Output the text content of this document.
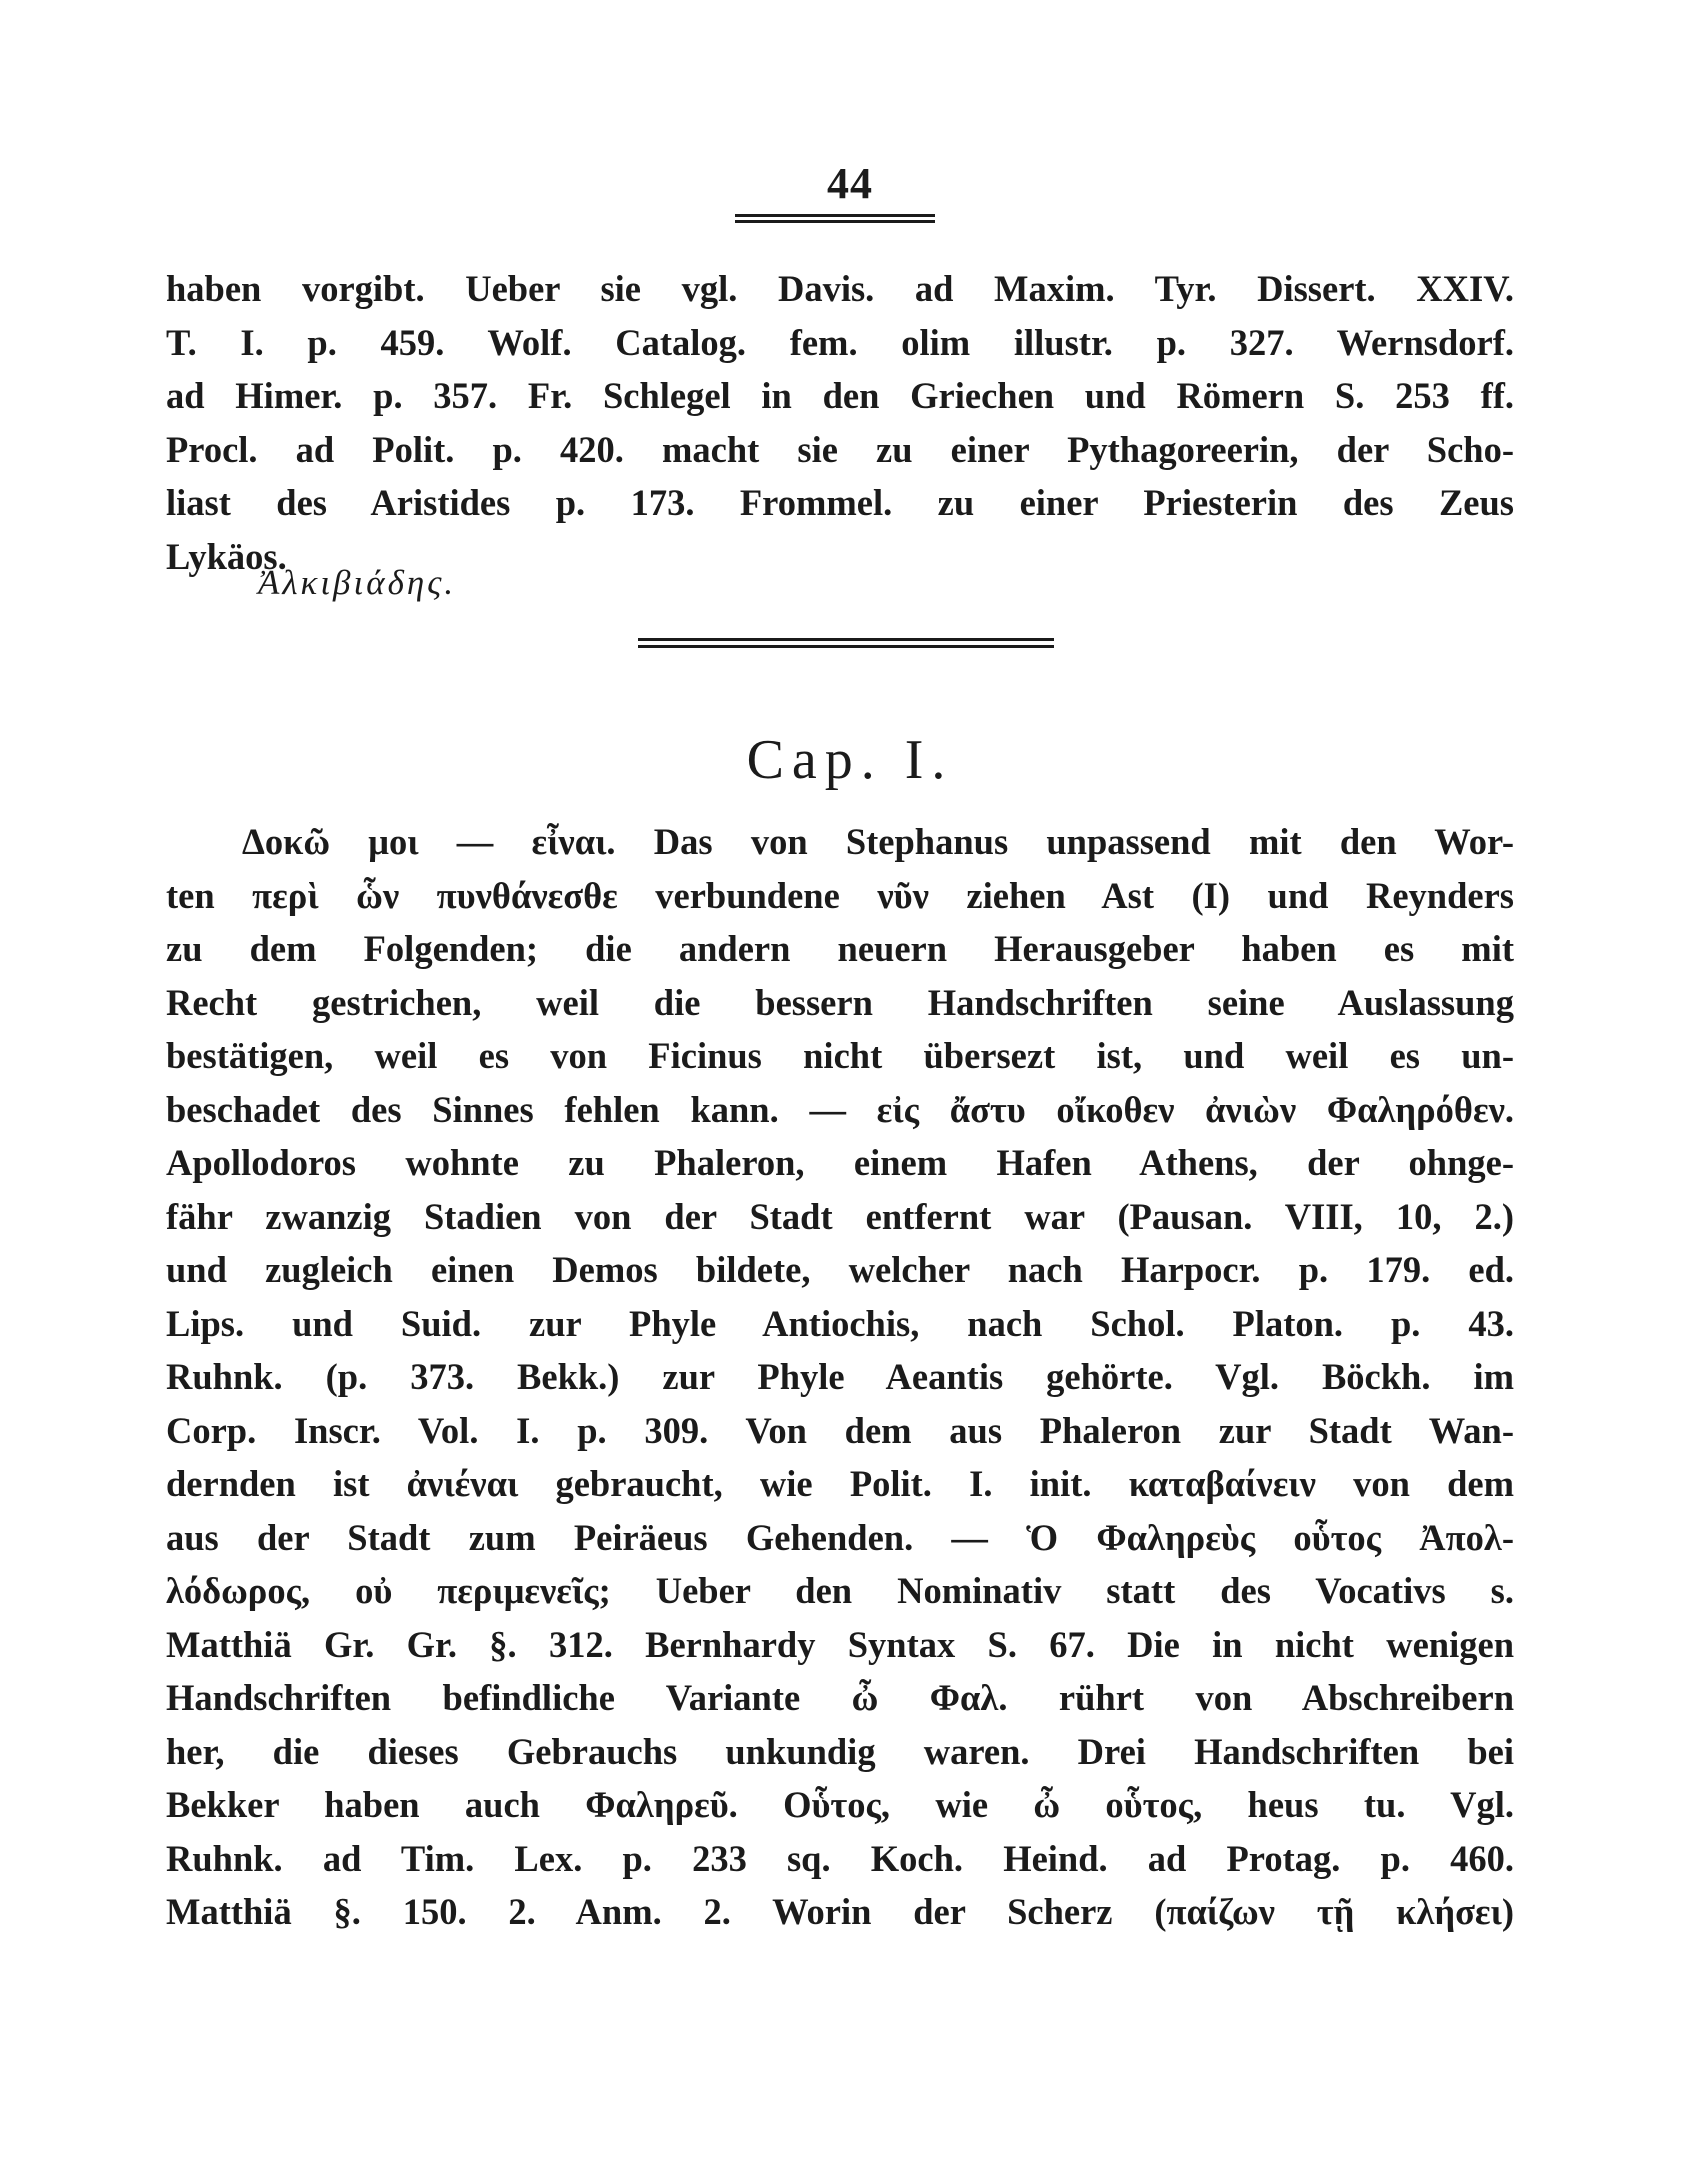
44
haben vorgibt. Ueber sie vgl. Davis. ad Maxim. Tyr. Dissert. XXIV.
T. I. p. 459. Wolf. Catalog. fem. olim illustr. p. 327. Wernsdorf.
ad Himer. p. 357. Fr. Schlegel in den Griechen und Römern S. 253 ff.
Procl. ad Polit. p. 420. macht sie zu einer Pythagoreerin, der Scho-
liast des Aristides p. 173. Frommel. zu einer Priesterin des Zeus
Lykäos.
Ἀλκιβιάδης.
Cap. I.
Δοκῶ μοι — εἶναι. Das von Stephanus unpassend mit den Wor-
ten περὶ ὧν πυνθάνεσθε verbundene νῦν ziehen Ast (I) und Reynders
zu dem Folgenden; die andern neuern Herausgeber haben es mit
Recht gestrichen, weil die bessern Handschriften seine Auslassung
bestätigen, weil es von Ficinus nicht übersezt ist, und weil es un-
beschadet des Sinnes fehlen kann. — εἰς ἄστυ οἴκοθεν ἀνιὼν Φαληρόθεν.
Apollodoros wohnte zu Phaleron, einem Hafen Athens, der ohnge-
fähr zwanzig Stadien von der Stadt entfernt war (Pausan. VIII, 10, 2.)
und zugleich einen Demos bildete, welcher nach Harpocr. p. 179. ed.
Lips. und Suid. zur Phyle Antiochis, nach Schol. Platon. p. 43.
Ruhnk. (p. 373. Bekk.) zur Phyle Aeantis gehörte. Vgl. Böckh. im
Corp. Inscr. Vol. I. p. 309. Von dem aus Phaleron zur Stadt Wan-
dernden ist ἀνιέναι gebraucht, wie Polit. I. init. καταβαίνειν von dem
aus der Stadt zum Peiräeus Gehenden. — Ὁ Φαληρεὺς οὗτος Ἀπολ-
λόδωρος, οὐ περιμενεῖς; Ueber den Nominativ statt des Vocativs s.
Matthiä Gr. Gr. §. 312. Bernhardy Syntax S. 67. Die in nicht wenigen
Handschriften befindliche Variante ὦ Φαλ. rührt von Abschreibern
her, die dieses Gebrauchs unkundig waren. Drei Handschriften bei
Bekker haben auch Φαληρεῦ. Οὗτος, wie ὦ οὗτος, heus tu. Vgl.
Ruhnk. ad Tim. Lex. p. 233 sq. Koch. Heind. ad Protag. p. 460.
Matthiä §. 150. 2. Anm. 2. Worin der Scherz (παίζων τῇ κλήσει)
